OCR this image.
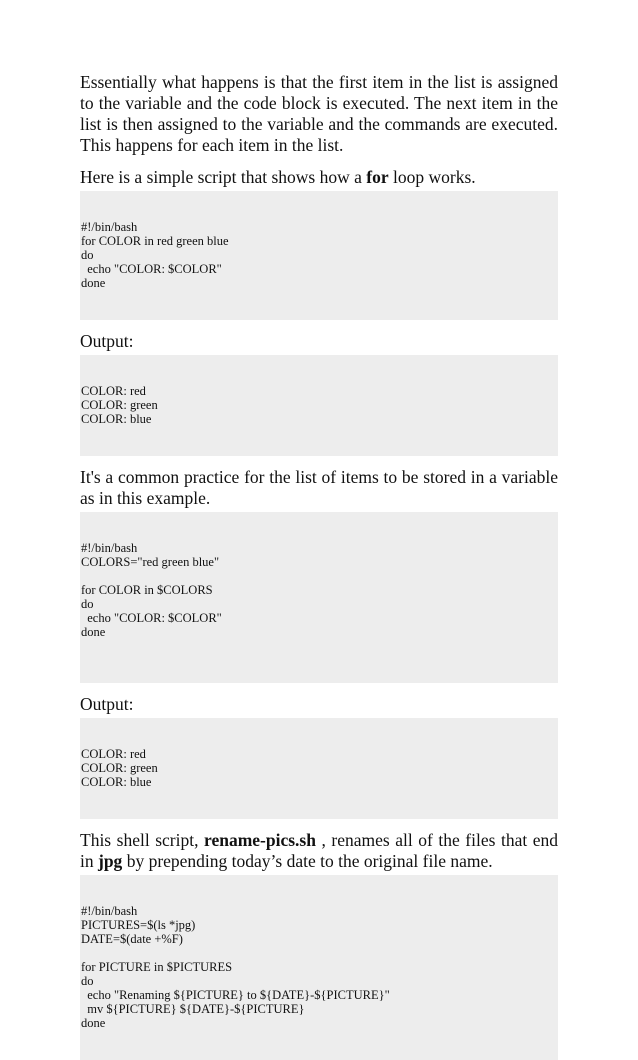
Essentially what happens is that the first item in the list is assigned to the variable and the code block is executed. The next item in the list is then assigned to the variable and the commands are executed. This happens for each item in the list.

Here is a simple script that shows how a for loop works.

#!/bin/bash
for COLOR in red green blue
do
echo "COLOR: $COLOR"
done

Output:

COLOR: red
COLOR: green
COLOR: blue

It's a common practice for the list of items to be stored in a variable as in this example.

#!/bin/bash
COLORS="red green blue"
for COLOR in $COLORS
do
echo "COLOR: $COLOR"
done

Output:

COLOR: red
COLOR: green
COLOR: blue

This shell script, rename-pics.sh , renames all of the files that end in jpg by prepending today’s date to the original file name.

#!/bin/bash
PICTURES=$(ls *jpg)
DATE=$(date +%F)
for PICTURE in $PICTURES
do
echo "Renaming ${PICTURE} to ${DATE}-${PICTURE}"
mv ${PICTURE} ${DATE}-${PICTURE}
done
